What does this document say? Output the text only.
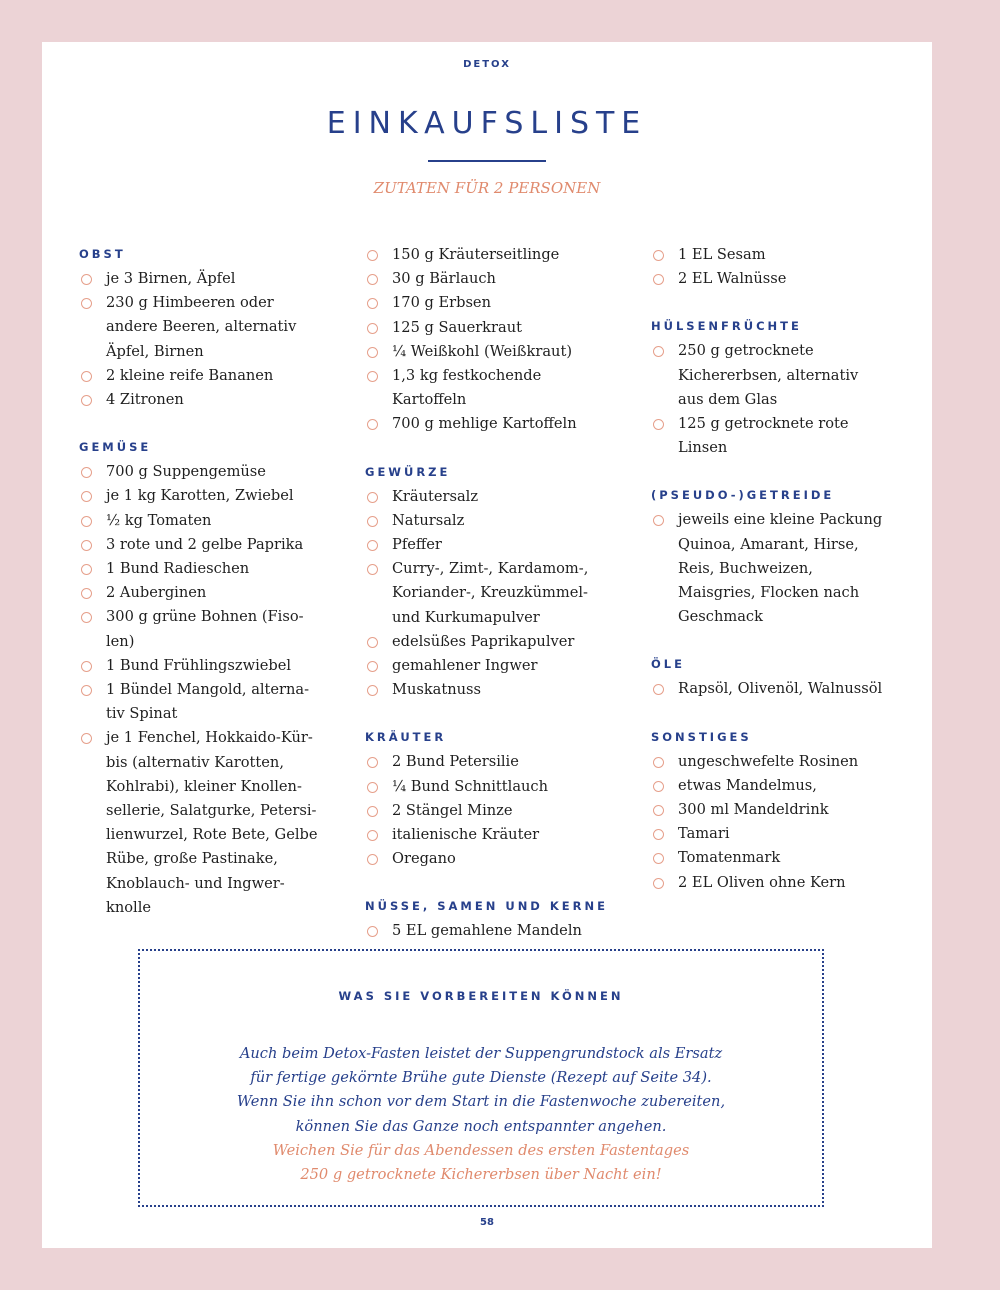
DETOX
EINKAUFSLISTE
ZUTATEN FÜR 2 PERSONEN
OBST
je 3 Birnen, Äpfel
230 g Himbeeren oder
andere Beeren, alternativ
Äpfel, Birnen
2 kleine reife Bananen
4 Zitronen
GEMÜSE
700 g Suppengemüse
je 1 kg Karotten, Zwiebel
½ kg Tomaten
3 rote und 2 gelbe Paprika
1 Bund Radieschen
2 Auberginen
300 g grüne Bohnen (Fiso-
len)
1 Bund Frühlingszwiebel
1 Bündel Mangold, alterna-
tiv Spinat
je 1 Fenchel, Hokkaido-Kür-
bis (alternativ Karotten,
Kohlrabi), kleiner Knollen-
sellerie, Salatgurke, Petersi-
lienwurzel, Rote Bete, Gelbe
Rübe, große Pastinake,
Knoblauch- und Ingwer-
knolle
150 g Kräuterseitlinge
30 g Bärlauch
170 g Erbsen
125 g Sauerkraut
¼ Weißkohl (Weißkraut)
1,3 kg festkochende Kartoffeln
700 g mehlige Kartoffeln
GEWÜRZE
Kräutersalz
Natursalz
Pfeffer
Curry-, Zimt-, Kardamom-,
Koriander-, Kreuzkümmel-
und Kurkumapulver
edelsüßes Paprikapulver
gemahlener Ingwer
Muskatnuss
KRÄUTER
2 Bund Petersilie
¼ Bund Schnittlauch
2 Stängel Minze
italienische Kräuter
Oregano
NÜSSE, SAMEN UND KERNE
5 EL gemahlene Mandeln
1 EL Sesam
2 EL Walnüsse
HÜLSENFRÜCHTE
250 g getrocknete
Kichererbsen, alternativ
aus dem Glas
125 g getrocknete rote
Linsen
(PSEUDO-)GETREIDE
jeweils eine kleine Packung
Quinoa, Amarant, Hirse,
Reis, Buchweizen,
Maisgries, Flocken nach
Geschmack
ÖLE
Rapsöl, Olivenöl, Walnussöl
SONSTIGES
ungeschwefelte Rosinen
etwas Mandelmus,
300 ml Mandeldrink
Tamari
Tomatenmark
2 EL Oliven ohne Kern
WAS SIE VORBEREITEN KÖNNEN
Auch beim Detox-Fasten leistet der Suppengrundstock als Ersatz
für fertige gekörnte Brühe gute Dienste (Rezept auf Seite 34).
Wenn Sie ihn schon vor dem Start in die Fastenwoche zubereiten,
können Sie das Ganze noch entspannter angehen.
Weichen Sie für das Abendessen des ersten Fastentages
250 g getrocknete Kichererbsen über Nacht ein!
58
